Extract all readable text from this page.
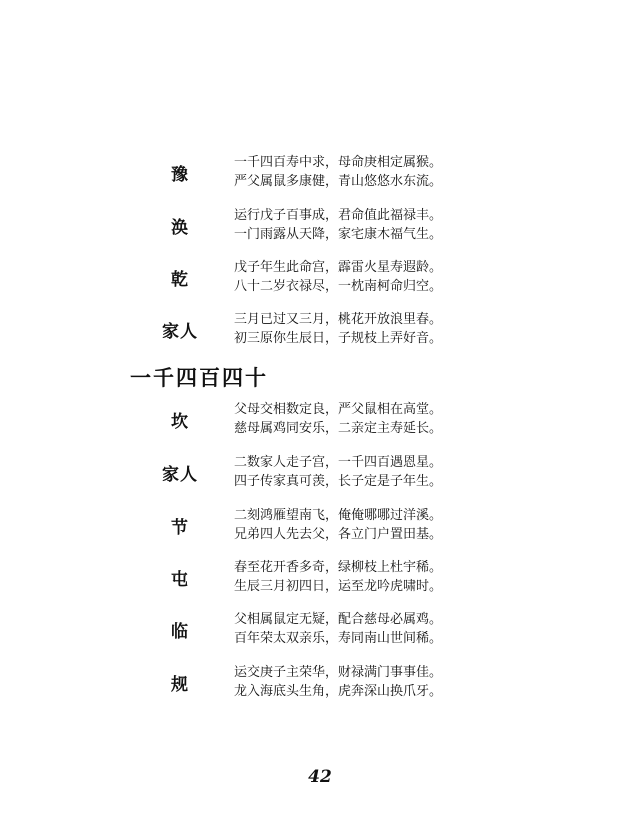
豫
一千四百寿中求，母命庚相定属猴。
严父属鼠多康健，青山悠悠水东流。
涣
运行戊子百事成，君命值此福禄丰。
一门雨露从天降，家宅康木福气生。
乾
戊子年生此命宫，霹雷火星寿遐龄。
八十二岁衣禄尽，一枕南柯命归空。
家人
三月已过又三月，桃花开放浪里春。
初三原你生辰日，子规枝上弄好音。
一千四百四十
坎
父母交相数定良，严父鼠相在高堂。
慈母属鸡同安乐，二亲定主寿延长。
家人
二数家人走子宫，一千四百遇恩星。
四子传家真可羡，长子定是子年生。
节
二刻鸿雁望南飞，俺俺哪哪过洋溪。
兄弟四人先去父，各立门户置田基。
屯
春至花开香多奇，绿柳枝上杜宇稀。
生辰三月初四日，运至龙吟虎啸时。
临
父相属鼠定无疑，配合慈母必属鸡。
百年荣太双亲乐，寿同南山世间稀。
规
运交庚子主荣华，财禄满门事事佳。
龙入海底头生角，虎奔深山换爪牙。
42
